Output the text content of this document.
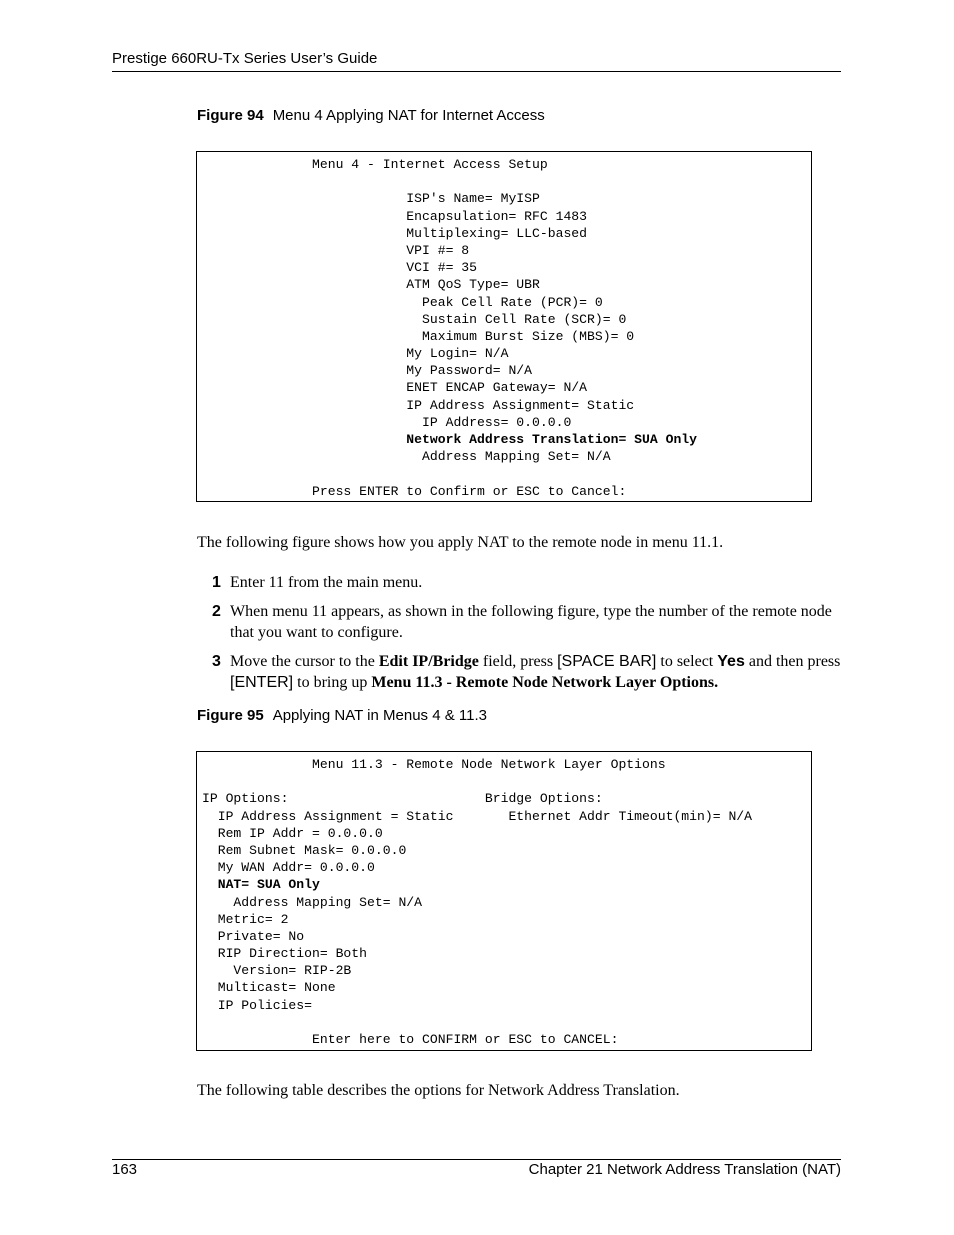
Prestige 660RU-Tx Series User’s Guide
Figure 94 Menu 4 Applying NAT for Internet Access
Menu 4 - Internet Access Setup
ISP's Name= MyISP
Encapsulation= RFC 1483
Multiplexing= LLC-based
VPI #= 8
VCI #= 35
ATM QoS Type= UBR
Peak Cell Rate (PCR)= 0
Sustain Cell Rate (SCR)= 0
Maximum Burst Size (MBS)= 0
My Login= N/A
My Password= N/A
ENET ENCAP Gateway= N/A
IP Address Assignment= Static
IP Address= 0.0.0.0
Network Address Translation= SUA Only
Address Mapping Set= N/A
Press ENTER to Confirm or ESC to Cancel:
The following figure shows how you apply NAT to the remote node in menu 11.1.
1 Enter 11 from the main menu.
2 When menu 11 appears, as shown in the following figure, type the number of the remote node that you want to configure.
3 Move the cursor to the Edit IP/Bridge field, press [SPACE BAR] to select Yes and then press [ENTER] to bring up Menu 11.3 - Remote Node Network Layer Options.
Figure 95 Applying NAT in Menus 4 & 11.3
Menu 11.3 - Remote Node Network Layer Options
IP Options:                         Bridge Options:
IP Address Assignment = Static       Ethernet Addr Timeout(min)= N/A
Rem IP Addr = 0.0.0.0
Rem Subnet Mask= 0.0.0.0
My WAN Addr= 0.0.0.0
NAT= SUA Only
Address Mapping Set= N/A
Metric= 2
Private= No
RIP Direction= Both
Version= RIP-2B
Multicast= None
IP Policies=
Enter here to CONFIRM or ESC to CANCEL:
The following table describes the options for Network Address Translation.
163	Chapter 21 Network Address Translation (NAT)
